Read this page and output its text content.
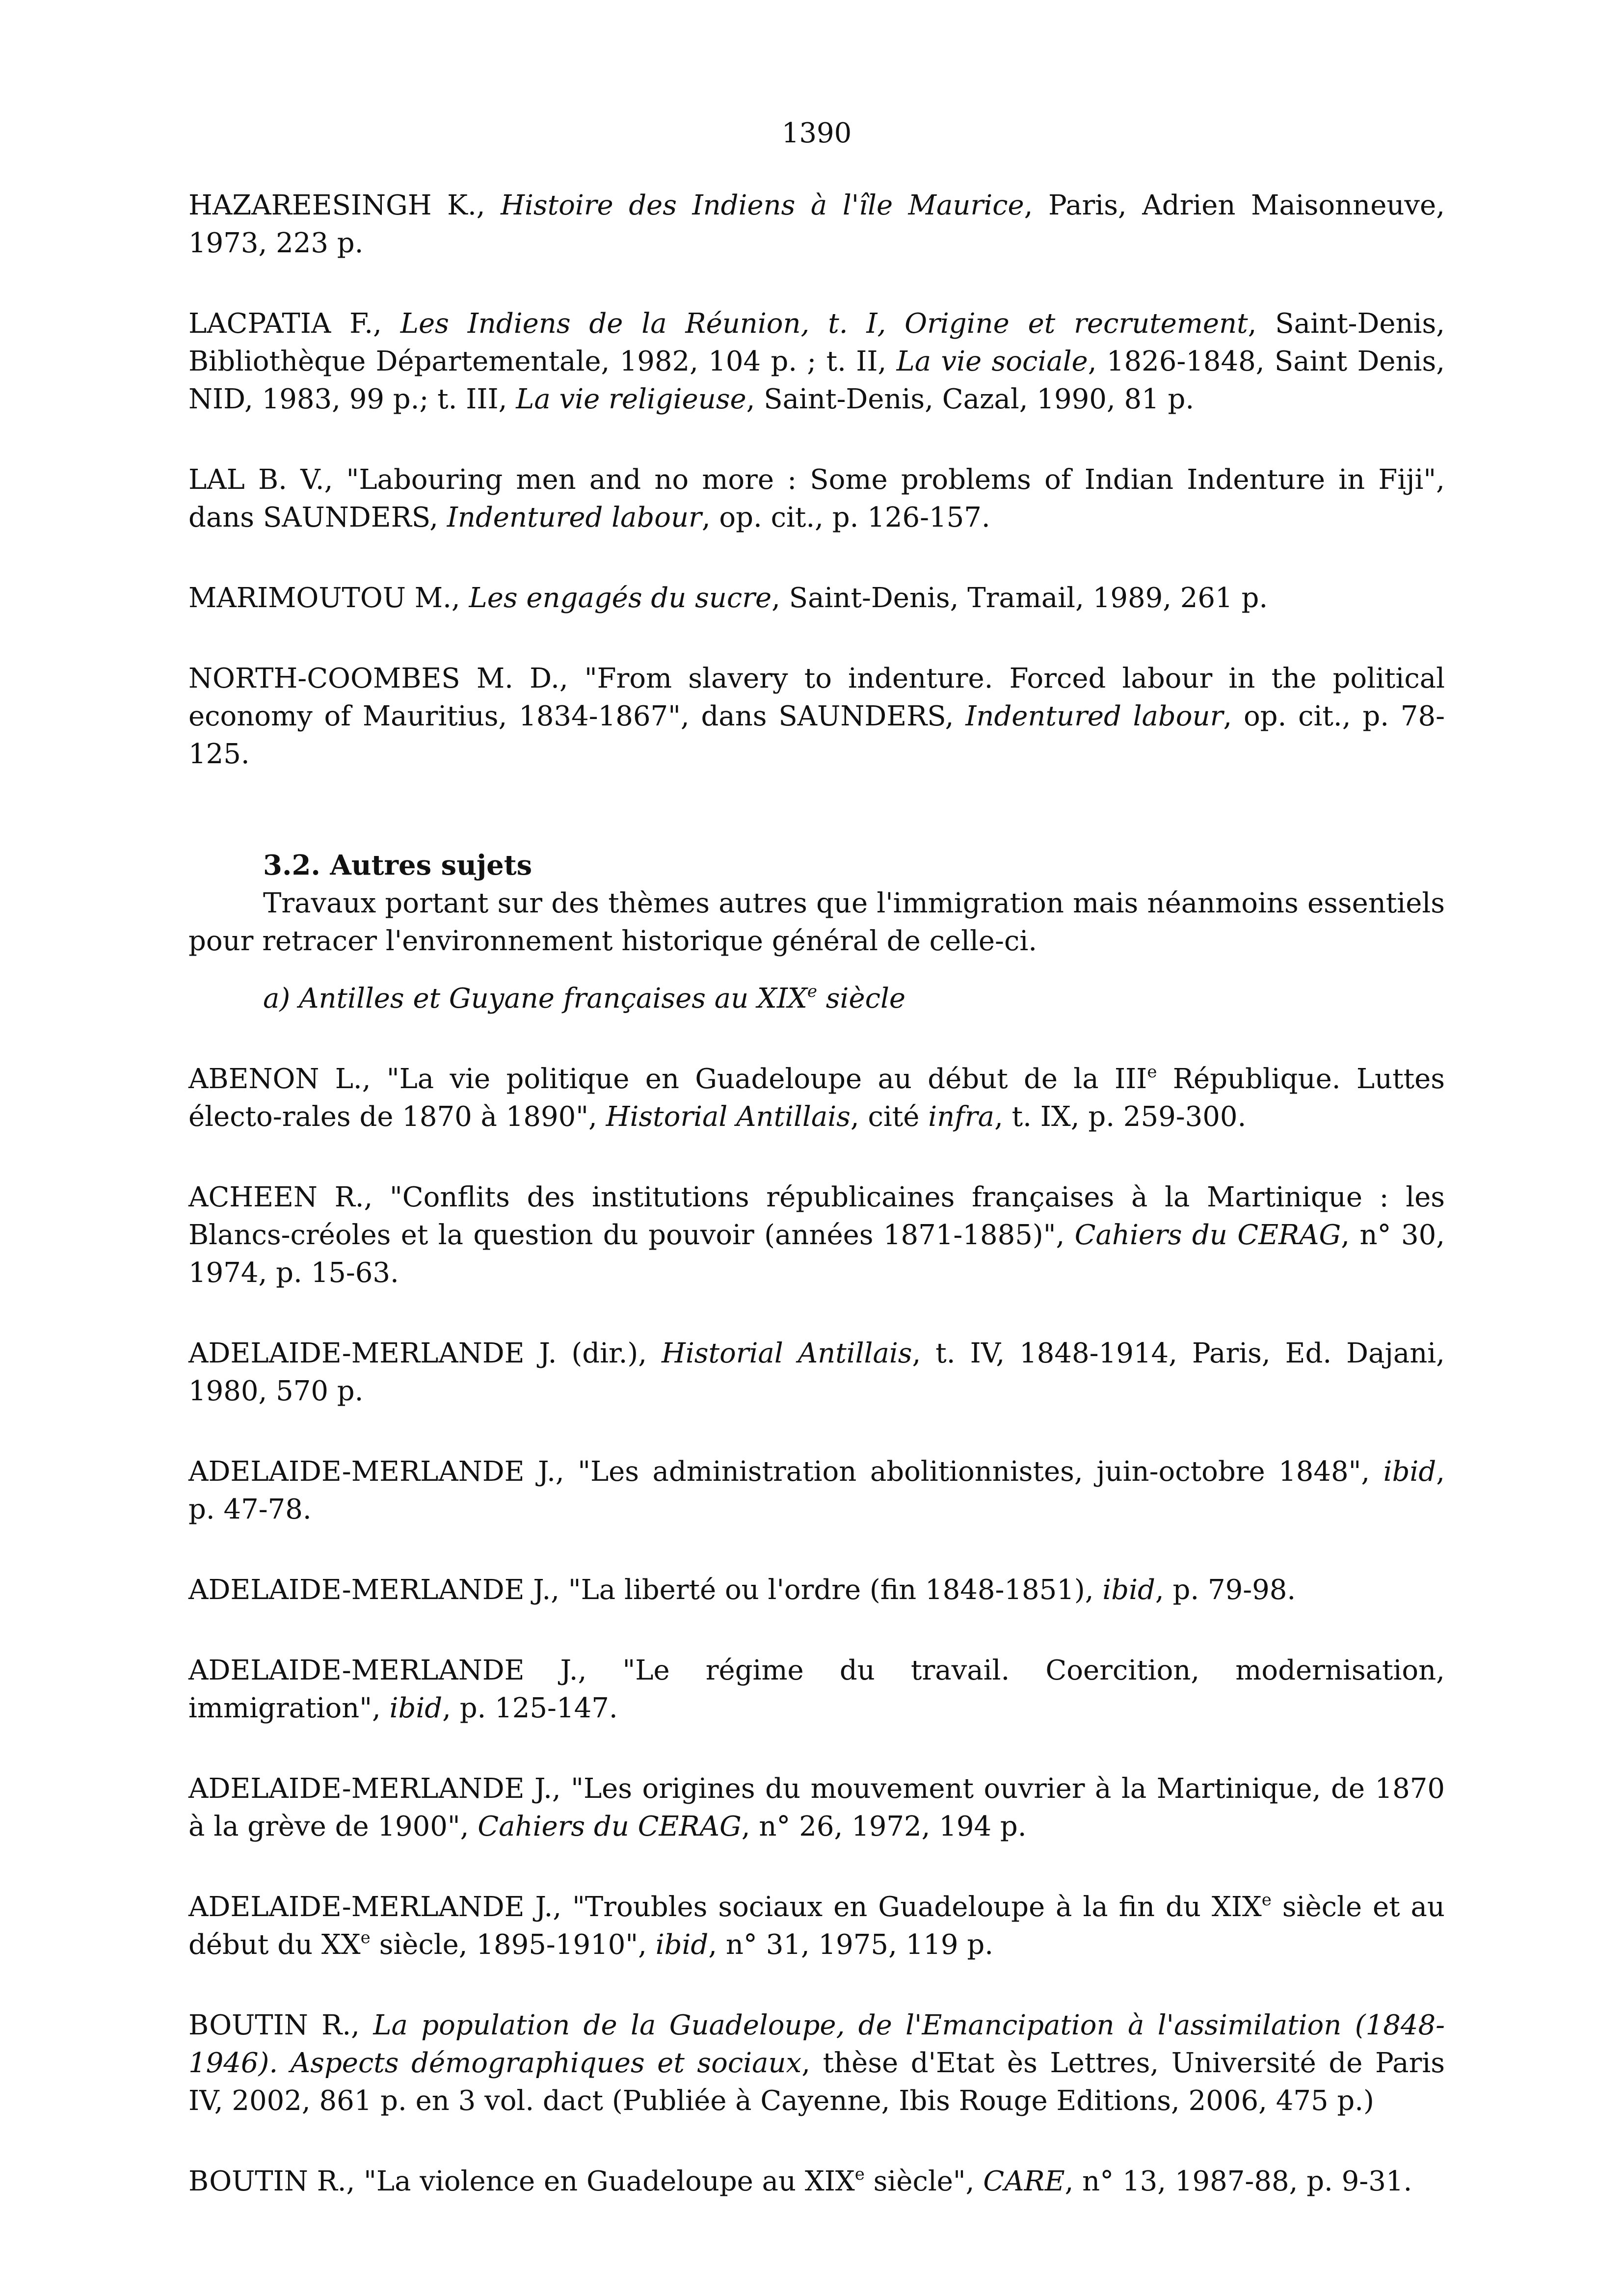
1390

HAZAREESINGH K., Histoire des Indiens à l'île Maurice, Paris, Adrien Maisonneuve, 1973, 223 p.

LACPATIA F., Les Indiens de la Réunion, t. I, Origine et recrutement, Saint-Denis, Bibliothèque Départementale, 1982, 104 p. ; t. II, La vie sociale, 1826-1848, Saint Denis, NID, 1983, 99 p.; t. III, La vie religieuse, Saint-Denis, Cazal, 1990, 81 p.

LAL B. V., "Labouring men and no more : Some problems of Indian Indenture in Fiji", dans SAUNDERS, Indentured labour, op. cit., p. 126-157.

MARIMOUTOU M., Les engagés du sucre, Saint-Denis, Tramail, 1989, 261 p.

NORTH-COOMBES M. D., "From slavery to indenture. Forced labour in the political economy of Mauritius, 1834-1867", dans SAUNDERS, Indentured labour, op. cit., p. 78-125.

3.2. Autres sujets

Travaux portant sur des thèmes autres que l'immigration mais néanmoins essentiels pour retracer l'environnement historique général de celle-ci.

a) Antilles et Guyane françaises au XIXe siècle

ABENON L., "La vie politique en Guadeloupe au début de la IIIe République. Luttes électo-rales de 1870 à 1890", Historial Antillais, cité infra, t. IX, p. 259-300.

ACHEEN R., "Conflits des institutions républicaines françaises à la Martinique : les Blancs-créoles et la question du pouvoir (années 1871-1885)", Cahiers du CERAG, n° 30, 1974, p. 15-63.

ADELAIDE-MERLANDE J. (dir.), Historial Antillais, t. IV, 1848-1914, Paris, Ed. Dajani, 1980, 570 p.

ADELAIDE-MERLANDE J., "Les administration abolitionnistes, juin-octobre 1848", ibid, p. 47-78.

ADELAIDE-MERLANDE J., "La liberté ou l'ordre (fin 1848-1851), ibid, p. 79-98.

ADELAIDE-MERLANDE J., "Le régime du travail. Coercition, modernisation, immigration", ibid, p. 125-147.

ADELAIDE-MERLANDE J., "Les origines du mouvement ouvrier à la Martinique, de 1870 à la grève de 1900", Cahiers du CERAG, n° 26, 1972, 194 p.

ADELAIDE-MERLANDE J., "Troubles sociaux en Guadeloupe à la fin du XIXe siècle et au début du XXe siècle, 1895-1910", ibid, n° 31, 1975, 119 p.

BOUTIN R., La population de la Guadeloupe, de l'Emancipation à l'assimilation (1848-1946). Aspects démographiques et sociaux, thèse d'Etat ès Lettres, Université de Paris IV, 2002, 861 p. en 3 vol. dact (Publiée à Cayenne, Ibis Rouge Editions, 2006, 475 p.)

BOUTIN R., "La violence en Guadeloupe au XIXe siècle", CARE, n° 13, 1987-88, p. 9-31.
